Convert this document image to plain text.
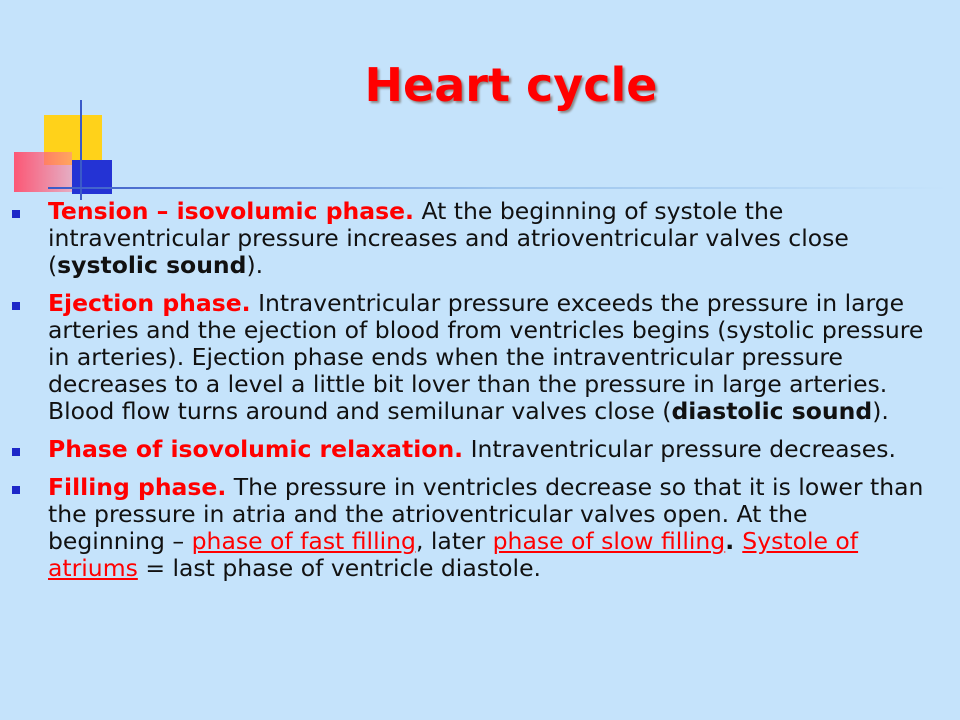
Heart cycle
Tension – isovolumic phase. At the beginning of systole the intraventricular pressure increases and atrioventricular valves close (systolic sound).
Ejection phase. Intraventricular pressure exceeds the pressure in large arteries and the ejection of blood from ventricles begins (systolic pressure in arteries). Ejection phase ends when the intraventricular pressure decreases to a level a little bit lover than the pressure in large arteries. Blood flow turns around and semilunar valves close (diastolic sound).
Phase of isovolumic relaxation. Intraventricular pressure decreases.
Filling phase. The pressure in ventricles decrease so that it is lower than the pressure in atria and the atrioventricular valves open. At the beginning – phase of fast filling, later phase of slow filling. Systole of atriums = last phase of ventricle diastole.
